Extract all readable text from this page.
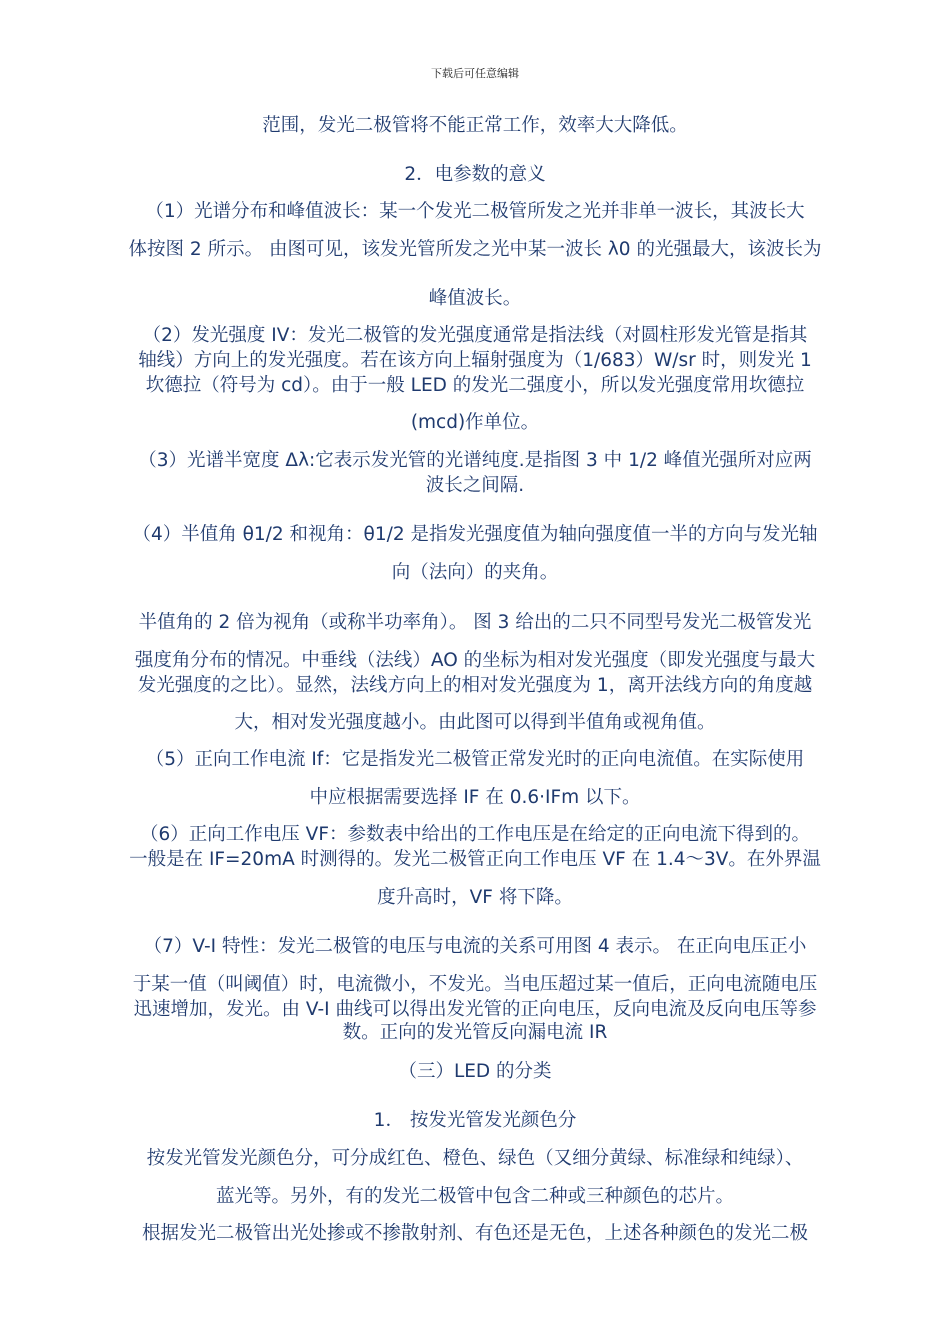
下载后可任意编辑
范围，发光二极管将不能正常工作，效率大大降低。
2．电参数的意义
（1）光谱分布和峰值波长：某一个发光二极管所发之光并非单一波长，其波长大
体按图 2 所示。 由图可见，该发光管所发之光中某一波长 λ0 的光强最大，该波长为
峰值波长。
（2）发光强度 IV：发光二极管的发光强度通常是指法线（对圆柱形发光管是指其
轴线）方向上的发光强度。若在该方向上辐射强度为（1/683）W/sr 时，则发光 1
坎德拉（符号为 cd）。由于一般 LED 的发光二强度小，所以发光强度常用坎德拉
(mcd)作单位。
（3）光谱半宽度 Δλ:它表示发光管的光谱纯度.是指图 3 中 1/2 峰值光强所对应两
波长之间隔.
（4）半值角 θ1/2 和视角：θ1/2 是指发光强度值为轴向强度值一半的方向与发光轴
向（法向）的夹角。
半值角的 2 倍为视角（或称半功率角）。 图 3 给出的二只不同型号发光二极管发光
强度角分布的情况。中垂线（法线）AO 的坐标为相对发光强度（即发光强度与最大
发光强度的之比）。显然，法线方向上的相对发光强度为 1，离开法线方向的角度越
大，相对发光强度越小。由此图可以得到半值角或视角值。
（5）正向工作电流 If：它是指发光二极管正常发光时的正向电流值。在实际使用
中应根据需要选择 IF 在 0.6·IFm 以下。
（6）正向工作电压 VF：参数表中给出的工作电压是在给定的正向电流下得到的。
一般是在 IF=20mA 时测得的。发光二极管正向工作电压 VF 在 1.4～3V。在外界温
度升高时，VF 将下降。
（7）V-I 特性：发光二极管的电压与电流的关系可用图 4 表示。 在正向电压正小
于某一值（叫阈值）时，电流微小，不发光。当电压超过某一值后，正向电流随电压
迅速增加，发光。由 V-I 曲线可以得出发光管的正向电压，反向电流及反向电压等参
数。正向的发光管反向漏电流 IR
（三）LED 的分类
1． 按发光管发光颜色分
按发光管发光颜色分，可分成红色、橙色、绿色（又细分黄绿、标准绿和纯绿）、
蓝光等。另外，有的发光二极管中包含二种或三种颜色的芯片。
根据发光二极管出光处掺或不掺散射剂、有色还是无色，上述各种颜色的发光二极
